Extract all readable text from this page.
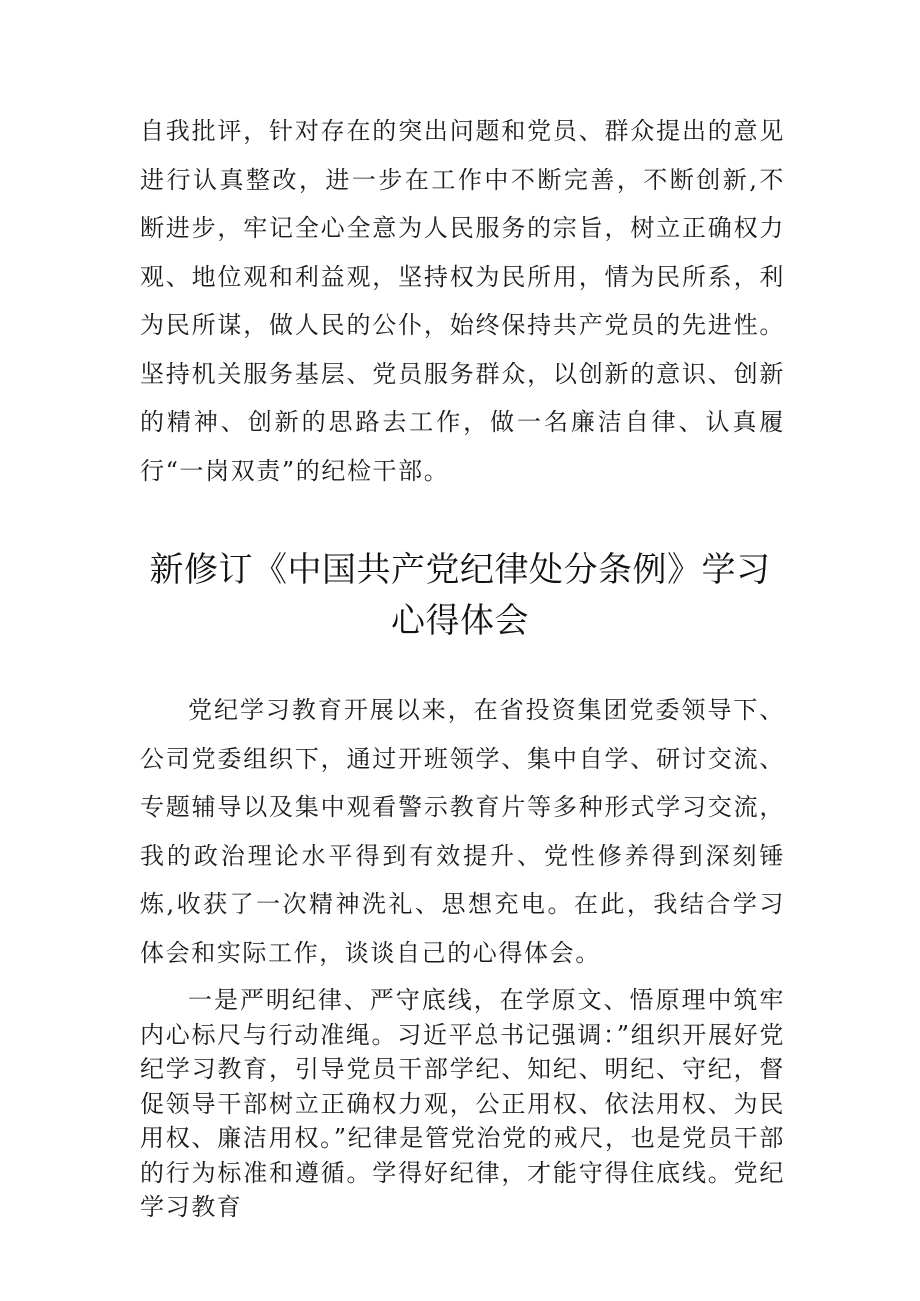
自我批评，针对存在的突出问题和党员、群众提出的意见进行认真整改，进一步在工作中不断完善，不断创新,不断进步，牢记全心全意为人民服务的宗旨，树立正确权力观、地位观和利益观，坚持权为民所用，情为民所系，利为民所谋，做人民的公仆，始终保持共产党员的先进性。坚持机关服务基层、党员服务群众，以创新的意识、创新的精神、创新的思路去工作，做一名廉洁自律、认真履行“一岗双责”的纪检干部。

新修订《中国共产党纪律处分条例》学习
心得体会

党纪学习教育开展以来，在省投资集团党委领导下、公司党委组织下，通过开班领学、集中自学、研讨交流、专题辅导以及集中观看警示教育片等多种形式学习交流，我的政治理论水平得到有效提升、党性修养得到深刻锤炼,收获了一次精神洗礼、思想充电。在此，我结合学习体会和实际工作，谈谈自己的心得体会。

一是严明纪律、严守底线，在学原文、悟原理中筑牢内心标尺与行动准绳。习近平总书记强调：”组织开展好党纪学习教育，引导党员干部学纪、知纪、明纪、守纪，督促领导干部树立正确权力观，公正用权、依法用权、为民用权、廉洁用权。”纪律是管党治党的戒尺，也是党员干部的行为标准和遵循。学得好纪律，才能守得住底线。党纪学习教育
